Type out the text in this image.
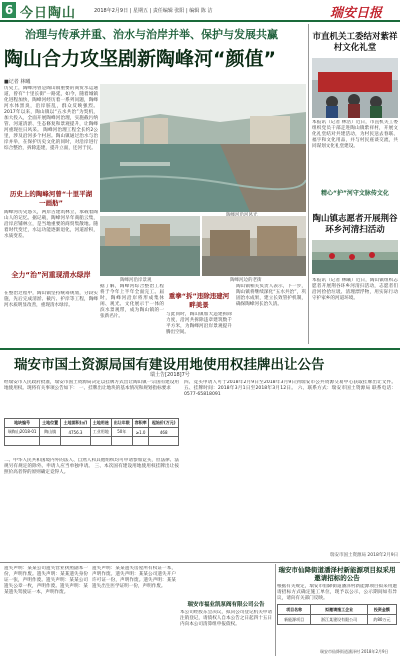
6 今日陶山	2018年2月9日 | 星期五 | 责任编辑 张阳 | 编辑 陈 洁	瑞安日报
治理与传承并重、治水与治岸并举、保护与发展共赢
陶山合力攻坚剧新陶峰河“颜值”
■记者 林曦
历史上，陶峰河曾是陶山镇重要的商贸水运通道，曾有“十里长街”一路延，如今，随着城镇化进程加快，陶峰河经历着一系列问题，陶峰河水体黑臭，沿岸脏乱，群众反映强烈。 2017年以来，陶山镇以“五水共治”为契机，加大投入，全面开展陶峰河治理，实施截污纳管、河道清淤、生态修复和景观提升，让陶峰河重现往日风采。 陶峰河治理工程全长约2公里，涉及沿河多个村居。陶山镇通过治水与治岸并举，在保护历史文化的同时，对沿岸进行综合整治，拆除违建，提升立面，还河于民。
历史上的陶峰河曾“十里平湖一画舫”
陶峰河历史悠久，两岸古建筑林立，承载着陶山人的记忆。据记载，陶峰河早年商船云集，沿岸店铺林立，是当地重要的商贸集散地。随着时代变迁，水运功能逐渐退化，河道淤积，水质变差。
全力“治”河重现清水绿岸
在整治过程中，陶山镇坚持统筹规划，分段实施，先后完成清淤、截污、护岸等工程，陶峰河水质明显改善，重现清水绿岸。
陶峰河沿岸景观	陶峰河边的老街
据了解，陶峰河综合整治工程将于今年上半年全面完工。届时，陶峰河沿岸将形成集休闲、观光、文化展示于一体的滨水景观带，成为陶山镇的一张新名片。
重拳“拆”违除违建河畔美景
与此同时，陶山镇加大违建拆除力度，沿河共拆除违章建筑数千平方米，为陶峰河沿岸景观提升腾出空间。
陶山镇相关负责人表示，下一步，陶山镇将继续深化“五水共治”，巩固治水成果，建立长效管护机制，确保陶峰河长治久清。
市直机关工委结对紫祥村文化礼堂
本报讯（记者 林浩）近日，市直机关工委组织党员干部走进陶山镇紫祥村，开展文化礼堂结对共建活动，为村民送去春联、福字和文化用品，并与村民座谈交流，共同谋划文化礼堂建设。
精心“护”河守文脉传文化
陶山镇志愿者开展荆谷环乡河清扫活动
本报讯（记者 林曦）近日，陶山镇组织志愿者开展荆谷环乡河清扫活动，志愿者们沿河捡拾垃圾、清理漂浮物，用实际行动守护家乡的河道环境。
瑞安市国土资源局国有建设用地使用权挂牌出让公告
瑞土告[2018]7号
经瑞安市人民政府批准，瑞安市国土资源局决定以挂牌方式出让陶山镇一宗国有建设用地使用权。现将有关事项公告如下： 一、挂牌出让地块的基本情况和规划指标要求
地块编号	土地位置	土地面积(㎡)	土地用途	出让年限	容积率	起始价(万元)
瑞陶山2018-01	陶山镇	4756.3	工业用地	50年	≥1.0	468

二、中华人民共和国境内外的法人、自然人和其他组织均可申请参加竞买，但法律、法规另有规定的除外。申请人应当单独申请。 三、本次国有建设用地使用权挂牌出让按照价高者得的原则确定竞得人。
四、竞买申请人可于2018年2月9日至2018年3月9日到瑞安市公共资源交易中心获取挂牌出让文件。 五、挂牌时间：2018年3月1日至2018年3月12日。 六、联系方式：瑞安市国土资源局 联系电话：0577-65818091
瑞安市国土资源局 2018年2月9日
遗失声明：某某公司遗失营业执照副本一份，声明作废。遗失声明：某某遗失身份证一张，声明作废。遗失声明：某某公司遗失公章一枚，声明作废。遗失声明：某某遗失驾驶证一本，声明作废。
遗失声明：某某遗失房屋所有权证一本，声明作废。遗失声明：某某公司遗失开户许可证一份，声明作废。遗失声明：某某遗失出生医学证明一份，声明作废。
瑞安市福业凯泵阀有限公司公告
本公司经股东会决议，拟向公司登记机关申请注销登记，请债权人自本公告之日起四十五日内向本公司清算组申报债权。
瑞安市仙降街道潘泽村新能源项目拟采用邀请招标的公告
根据有关规定，瑞安市仙降街道潘泽村新能源项目拟采用邀请招标方式确定施工单位，现予以公示，公示期间如有异议，请向有关部门反映。
项目名称	拟邀请施工企业	投资金额
新能源项目	浙江某建设有限公司	约80万元
瑞安市仙降街道潘泽村 2018年2月9日
